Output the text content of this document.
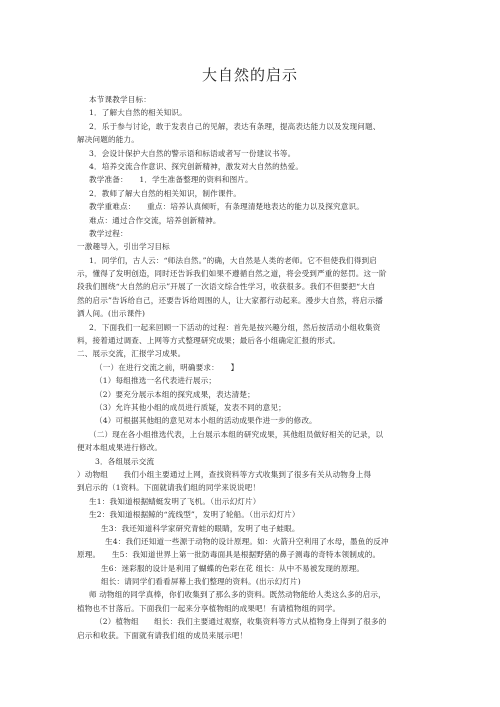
大自然的启示
本节课教学目标：
1．了解大自然的相关知识。
2．乐于参与讨论，敢于发表自己的见解，表达有条理，提高表达能力以及发现问题、
解决问题的能力。
3．会设计保护大自然的警示语和标语或者写一份建议书等。
4．培养交流合作意识、探究创新精神，激发对大自然的热爱。
教学准备：　　1．学生准备整理的资料和图片。
2．教师了解大自然的相关知识，制作课件。
教学重难点：　　重点：培养认真倾听，有条理清楚地表达的能力以及探究意识。
难点：通过合作交流，培养创新精神。
教学过程：
一激趣导入，引出学习目标
1．同学们，古人云：“师法自然。”的确，大自然是人类的老师。它不但使我们得到启
示，懂得了发明创造，同时还告诉我们如果不遵循自然之道，将会受到严重的惩罚。这一阶
段我们围绕“大自然的启示”开展了一次语文综合性学习，收获很多。我们不但要把“大自
然的启示”告诉给自己，还要告诉给周围的人，让大家都行动起来。漫步大自然，将启示播
洒人间。(出示课件)
2．下面我们一起来回顾一下活动的过程：首先是按兴趣分组，然后按活动小组收集资
料，接着通过调查、上网等方式整理研究成果；最后各小组确定汇报的形式。
二、展示交流，汇报学习成果。
（一）在进行交流之前，明确要求：　　】
（1）每组推选一名代表进行展示；
（2）要充分展示本组的探究成果，表达清楚；
（3）允许其他小组的成员进行质疑，发表不同的意见；
（4）可根据其他组的意见对本小组的活动成果作进一步的修改。
（二）现在各小组推选代表，上台展示本组的研究成果，其他组员做好相关的记录，以
便对本组成果进行修改。
3．各组展示交流
）动物组　　我们小组主要通过上网，查找资料等方式收集到了很多有关从动物身上得
到启示的（1资料。下面就请我们组的同学来说说吧！
生1：我知道根据蜻蜓发明了飞机。（出示幻灯片）
生2：我知道根据鲸的“流线型”，发明了轮船。（出示幻灯片）
生3：我还知道科学家研究青蛙的眼睛，发明了电子蛙眼。
生4：我们还知道一些源于动物的设计原理。如：火箭升空利用了水母，墨鱼的反冲
原理。　　生5：我知道世界上第一批防毒面具是根据野猪的鼻子测毒的奇特本领制成的。
生6：迷彩服的设计是利用了蝴蝶的色彩在花 组长：从中不易被发现的原理。
组长：请同学们看看屏幕上我们整理的资料。(出示幻灯片)
师 动物组的同学真棒，你们收集到了那么多的资料。既然动物能给人类这么多的启示，
植物也不甘落后。下面我们一起来分享植物组的成果吧！有请植物组的同学。
（2）植物组　　组长：我们主要通过观察，收集资料等方式从植物身上得到了很多的
启示和收获。下面就有请我们组的成员来展示吧！
